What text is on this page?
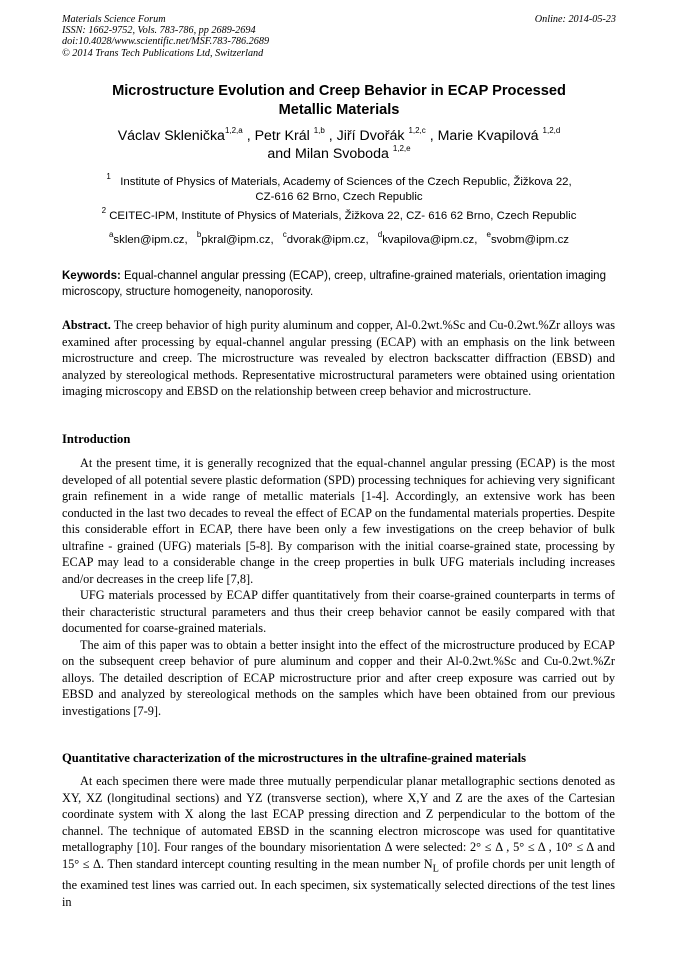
Materials Science Forum
ISSN: 1662-9752, Vols. 783-786, pp 2689-2694
doi:10.4028/www.scientific.net/MSF.783-786.2689
© 2014 Trans Tech Publications Ltd, Switzerland
Online: 2014-05-23
Microstructure Evolution and Creep Behavior in ECAP Processed
Metallic Materials
Václav Sklenička$^{1,2,a}$ , Petr Král $^{1,b}$ , Jiří Dvořák $^{1,2,c}$ , Marie Kvapilová $^{1,2,d}$
and Milan Svoboda $^{1,2,e}$
$^1$ Institute of Physics of Materials, Academy of Sciences of the Czech Republic, Žižkova 22,
CZ-616 62 Brno, Czech Republic
$^2$ CEITEC-IPM, Institute of Physics of Materials, Žižkova 22, CZ- 616 62 Brno, Czech Republic
$^a$sklen@ipm.cz, $^b$pkral@ipm.cz, $^c$dvorak@ipm.cz, $^d$kvapilova@ipm.cz, $^e$svobm@ipm.cz
Keywords: Equal-channel angular pressing (ECAP), creep, ultrafine-grained materials, orientation imaging microscopy, structure homogeneity, nanoporosity.
Abstract. The creep behavior of high purity aluminum and copper, Al-0.2wt.%Sc and Cu-0.2wt.%Zr alloys was examined after processing by equal-channel angular pressing (ECAP) with an emphasis on the link between microstructure and creep. The microstructure was revealed by electron backscatter diffraction (EBSD) and analyzed by stereological methods. Representative microstructural parameters were obtained using orientation imaging microscopy and EBSD on the relationship between creep behavior and microstructure.
Introduction

At the present time, it is generally recognized that the equal-channel angular pressing (ECAP) is the most developed of all potential severe plastic deformation (SPD) processing techniques for achieving very significant grain refinement in a wide range of metallic materials [1-4]. Accordingly, an extensive work has been conducted in the last two decades to reveal the effect of ECAP on the fundamental materials properties. Despite this considerable effort in ECAP, there have been only a few investigations on the creep behavior of bulk ultrafine - grained (UFG) materials [5-8]. By comparison with the initial coarse-grained state, processing by ECAP may lead to a considerable change in the creep properties in bulk UFG materials including increases and/or decreases in the creep life [7,8].

UFG materials processed by ECAP differ quantitatively from their coarse-grained counterparts in terms of their characteristic structural parameters and thus their creep behavior cannot be easily compared with that documented for coarse-grained materials.

The aim of this paper was to obtain a better insight into the effect of the microstructure produced by ECAP on the subsequent creep behavior of pure aluminum and copper and their Al-0.2wt.%Sc and Cu-0.2wt.%Zr alloys. The detailed description of ECAP microstructure prior and after creep exposure was carried out by EBSD and analyzed by stereological methods on the samples which have been obtained from our previous investigations [7-9].

Quantitative characterization of the microstructures in the ultrafine-grained materials

At each specimen there were made three mutually perpendicular planar metallographic sections denoted as XY, XZ (longitudinal sections) and YZ (transverse section), where X,Y and Z are the axes of the Cartesian coordinate system with X along the last ECAP pressing direction and Z perpendicular to the bottom of the channel. The technique of automated EBSD in the scanning electron microscope was used for quantitative metallography [10]. Four ranges of the boundary misorientation Δ were selected: 2° ≤ Δ , 5° ≤ Δ , 10° ≤ Δ and 15° ≤ Δ. Then standard intercept counting resulting in the mean number $N_L$ of profile chords per unit length of the examined test lines was carried out. In each specimen, six systematically selected directions of the test lines in
